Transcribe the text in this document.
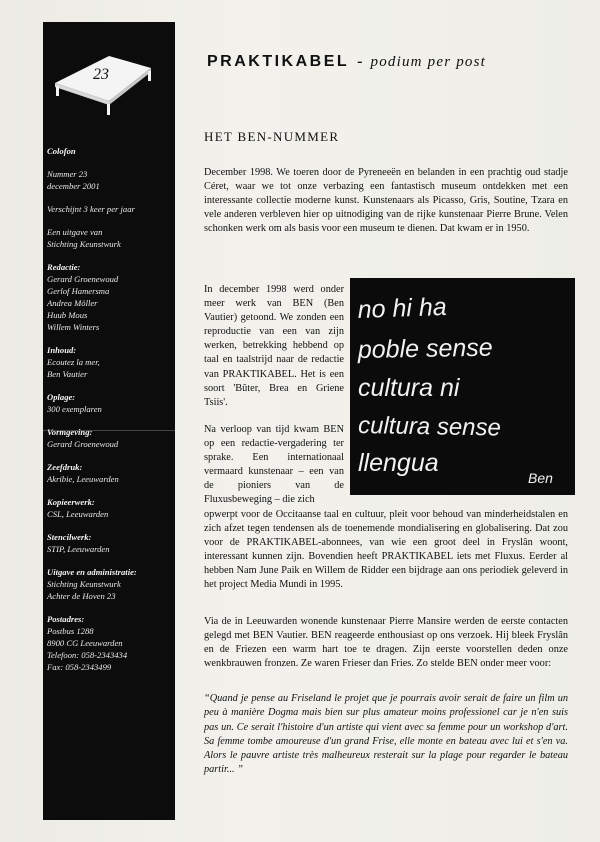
23
Colofon
Nummer 23
december 2001
Verschijnt 3 keer per jaar
Een uitgave van
Stichting Keunstwurk
Redactie:
Gerard Groenewoud
Gerlof Hamersma
Andrea Möller
Huub Mous
Willem Winters
Inhoud:
Ecoutez la mer,
Ben Vautier
Oplage:
300 exemplaren
Vormgeving:
Gerard Groenewoud
Zeefdruk:
Akribie, Leeuwarden
Kopieerwerk:
CSL, Leeuwarden
Stencilwerk:
STIP, Leeuwarden
Uitgave en administratie:
Stichting Keunstwurk
Achter de Hoven 23
Postadres:
Postbus 1288
8900 CG Leeuwarden
Telefoon: 058-2343434
Fax: 058-2343499
PRAKTIKABEL - podium per post
HET BEN-NUMMER
December 1998. We toeren door de Pyreneeën en belanden in een prachtig oud stadje Céret, waar we tot onze verbazing een fantastisch museum ontdekken met een interessante collectie moderne kunst. Kunstenaars als Picasso, Gris, Soutine, Tzara en vele anderen verbleven hier op uitnodiging van de rijke kunstenaar Pierre Brune. Velen schonken werk om als basis voor een museum te dienen. Dat kwam er in 1950.

In december 1998 werd onder meer werk van BEN (Ben Vautier) getoond. We zonden een reproductie van een van zijn werken, betrekking hebbend op taal en taalstrijd naar de redactie van PRAKTIKABEL. Het is een soort 'Bûter, Brea en Griene Tsiis'.

Na verloop van tijd kwam BEN op een redactie-vergadering ter sprake. Een internationaal vermaard kunstenaar – een van de pioniers van de Fluxusbeweging – die zich

no hi ha
poble sense
cultura ni
cultura sense
llengua
Ben
opwerpt voor de Occitaanse taal en cultuur, pleit voor behoud van minderheidstalen en zich afzet tegen tendensen als de toenemende mondialisering en globalisering. Dat zou voor de PRAKTIKABEL-abonnees, van wie een groot deel in Fryslân woont, interessant kunnen zijn. Bovendien heeft PRAKTIKABEL iets met Fluxus. Eerder al hebben Nam June Paik en Willem de Ridder een bijdrage aan ons periodiek geleverd in het project Media Mundi in 1995.
Via de in Leeuwarden wonende kunstenaar Pierre Mansire werden de eerste contacten gelegd met BEN Vautier. BEN reageerde enthousiast op ons verzoek. Hij bleek Fryslân en de Friezen een warm hart toe te dragen. Zijn eerste voorstellen deden onze wenkbrauwen fronzen. Ze waren Frieser dan Fries. Zo stelde BEN onder meer voor:
“Quand je pense au Friseland le projet que je pourrais avoir serait de faire un film un peu à manière Dogma mais bien sur plus amateur moins professionel car je n'en suis pas un. Ce serait l'histoire d'un artiste qui vient avec sa femme pour un workshop d'art. Sa femme tombe amoureuse d'un grand Frise, elle monte en bateau avec lui et s'en va. Alors le pauvre artiste très malheureux resterait sur la plage pour regarder le bateau partir... ”
